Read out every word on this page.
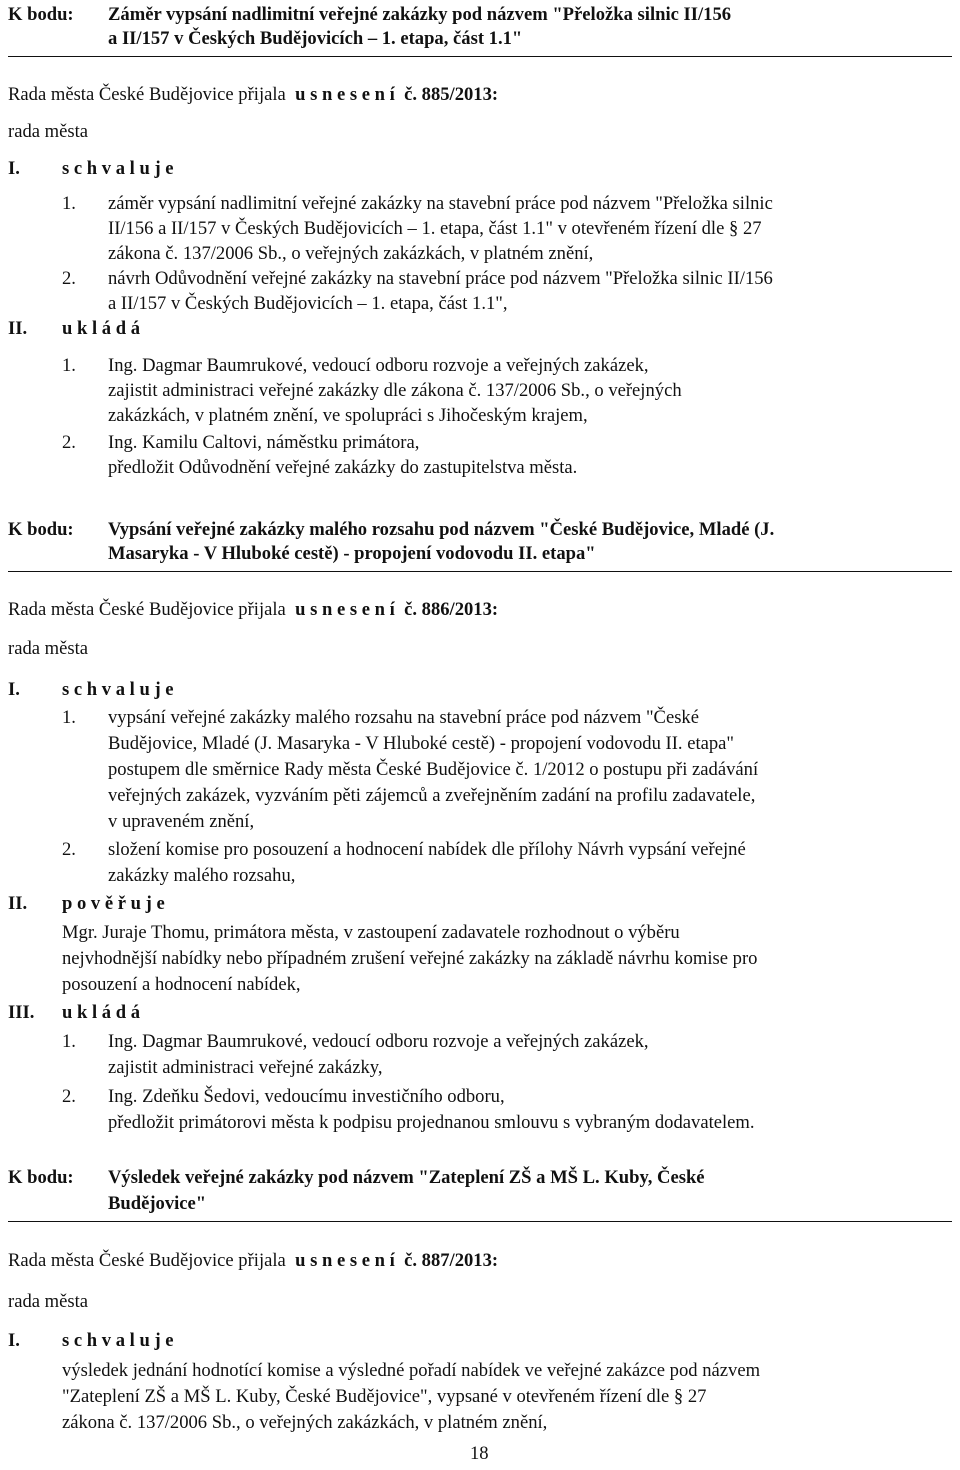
K bodu: Záměr vypsání nadlimitní veřejné zakázky pod názvem "Přeložka silnic II/156
a II/157 v Českých Budějovicích – 1. etapa, část 1.1"
Rada města České Budějovice přijala u s n e s e n í č. 885/2013:
rada města
I. s c h v a l u j e
1. záměr vypsání nadlimitní veřejné zakázky na stavební práce pod názvem "Přeložka silnic
II/156 a II/157 v Českých Budějovicích – 1. etapa, část 1.1" v otevřeném řízení dle § 27
zákona č. 137/2006 Sb., o veřejných zakázkách, v platném znění,
2. návrh Odůvodnění veřejné zakázky na stavební práce pod názvem "Přeložka silnic II/156
a II/157 v Českých Budějovicích – 1. etapa, část 1.1",
II. u k l á d á
1. Ing. Dagmar Baumrukové, vedoucí odboru rozvoje a veřejných zakázek,
zajistit administraci veřejné zakázky dle zákona č. 137/2006 Sb., o veřejných
zakázkách, v platném znění, ve spolupráci s Jihočeským krajem,
2. Ing. Kamilu Caltovi, náměstku primátora,
předložit Odůvodnění veřejné zakázky do zastupitelstva města.
K bodu: Vypsání veřejné zakázky malého rozsahu pod názvem "České Budějovice, Mladé (J.
Masaryka - V Hluboké cestě) - propojení vodovodu II. etapa"
Rada města České Budějovice přijala u s n e s e n í č. 886/2013:
rada města
I. s c h v a l u j e
1. vypsání veřejné zakázky malého rozsahu na stavební práce pod názvem "České
Budějovice, Mladé (J. Masaryka - V Hluboké cestě) - propojení vodovodu II. etapa"
postupem dle směrnice Rady města České Budějovice č. 1/2012 o postupu při zadávání
veřejných zakázek, vyzváním pěti zájemců a zveřejněním zadání na profilu zadavatele,
v upraveném znění,
2. složení komise pro posouzení a hodnocení nabídek dle přílohy Návrh vypsání veřejné
zakázky malého rozsahu,
II. p o v ě ř u j e
Mgr. Juraje Thomu, primátora města, v zastoupení zadavatele rozhodnout o výběru
nejvhodnější nabídky nebo případném zrušení veřejné zakázky na základě návrhu komise pro
posouzení a hodnocení nabídek,
III. u k l á d á
1. Ing. Dagmar Baumrukové, vedoucí odboru rozvoje a veřejných zakázek,
zajistit administraci veřejné zakázky,
2. Ing. Zdeňku Šedovi, vedoucímu investičního odboru,
předložit primátorovi města k podpisu projednanou smlouvu s vybraným dodavatelem.
K bodu: Výsledek veřejné zakázky pod názvem "Zateplení ZŠ a MŠ L. Kuby, České
Budějovice"
Rada města České Budějovice přijala u s n e s e n í č. 887/2013:
rada města
I. s c h v a l u j e
výsledek jednání hodnotící komise a výsledné pořadí nabídek ve veřejné zakázce pod názvem
"Zateplení ZŠ a MŠ L. Kuby, České Budějovice", vypsané v otevřeném řízení dle § 27
zákona č. 137/2006 Sb., o veřejných zakázkách, v platném znění,
18
